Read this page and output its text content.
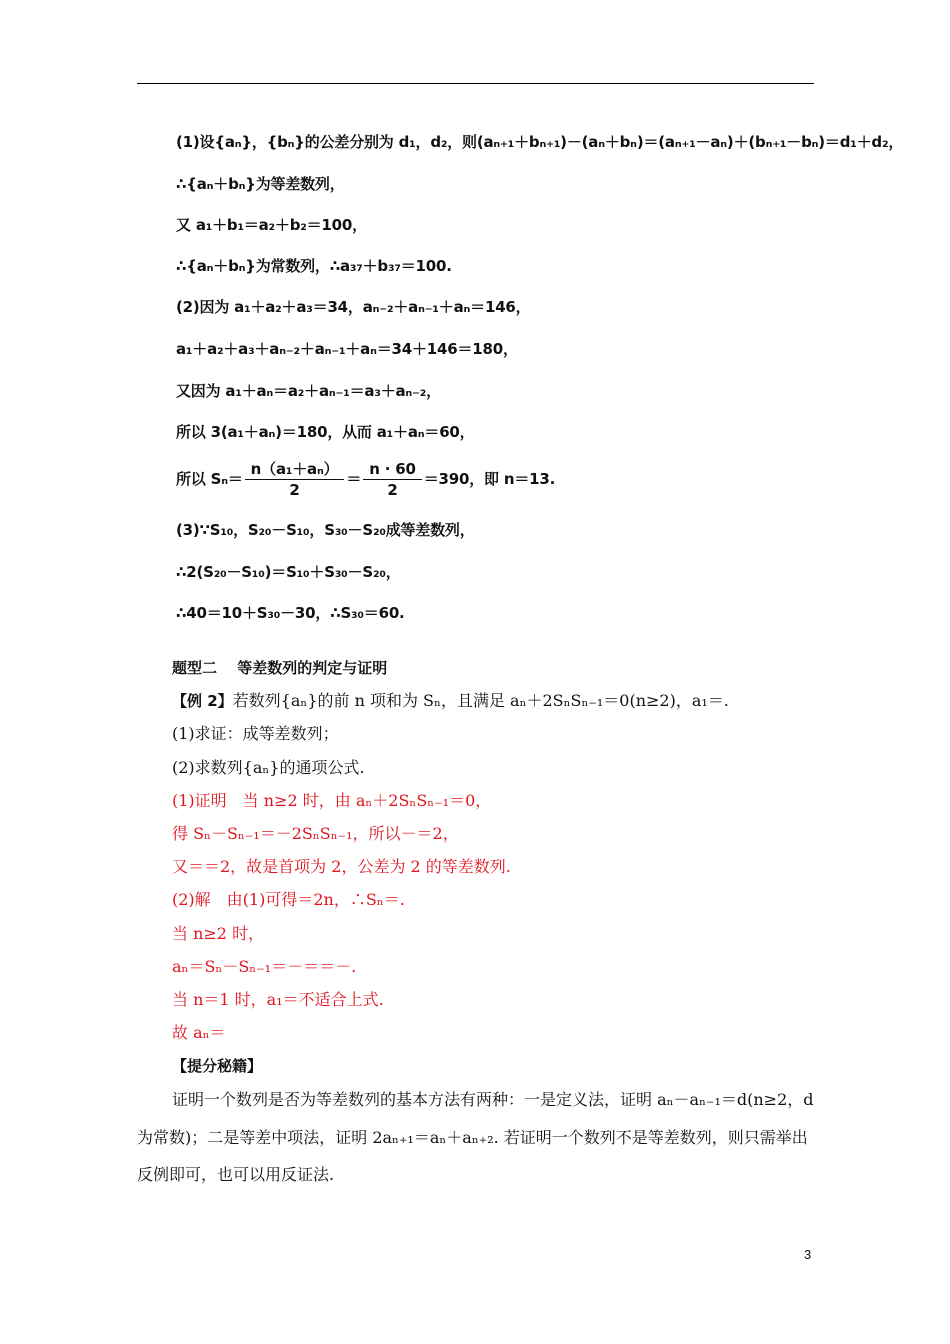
(1)设{aₙ}，{bₙ}的公差分别为 d₁，d₂，则(aₙ₊₁＋bₙ₊₁)－(aₙ＋bₙ)＝(aₙ₊₁－aₙ)＋(bₙ₊₁－bₙ)＝d₁＋d₂，
∴{aₙ＋bₙ}为等差数列，
又 a₁＋b₁＝a₂＋b₂＝100，
∴{aₙ＋bₙ}为常数列，∴a₃₇＋b₃₇＝100.
(2)因为 a₁＋a₂＋a₃＝34，aₙ₋₂＋aₙ₋₁＋aₙ＝146，
a₁＋a₂＋a₃＋aₙ₋₂＋aₙ₋₁＋aₙ＝34＋146＝180，
又因为 a₁＋aₙ＝a₂＋aₙ₋₁＝a₃＋aₙ₋₂，
所以 3(a₁＋aₙ)＝180，从而 a₁＋aₙ＝60，
所以 $S_n= \frac{\text{n（a₁＋aₙ）}}{2} = \frac{n \cdot 60}{2} =390$，即 n＝13.
(3)∵S₁₀，S₂₀－S₁₀，S₃₀－S₂₀成等差数列，
∴2(S₂₀－S₁₀)＝S₁₀＋S₃₀－S₂₀，
∴40＝10＋S₃₀－30，∴S₃₀＝60.
题型二　 等差数列的判定与证明
【例 2】若数列{aₙ}的前 n 项和为 Sₙ，且满足 aₙ＋2SₙSₙ₋₁＝0(n≥2)，a₁＝.
(1)求证：成等差数列；
(2)求数列{aₙ}的通项公式.
(1)证明　当 n≥2 时，由 aₙ＋2SₙSₙ₋₁＝0，
得 Sₙ－Sₙ₋₁＝－2SₙSₙ₋₁，所以－＝2，
又＝＝2，故是首项为 2，公差为 2 的等差数列.
(2)解　由(1)可得＝2n，∴Sₙ＝.
当 n≥2 时，
aₙ＝Sₙ－Sₙ₋₁＝－＝＝－.
当 n＝1 时，a₁＝不适合上式.
故 aₙ＝
【提分秘籍】
证明一个数列是否为等差数列的基本方法有两种：一是定义法，证明 aₙ－aₙ₋₁＝d(n≥2，d
为常数)；二是等差中项法，证明 2aₙ₊₁＝aₙ＋aₙ₊₂. 若证明一个数列不是等差数列，则只需举出
反例即可，也可以用反证法.
3
